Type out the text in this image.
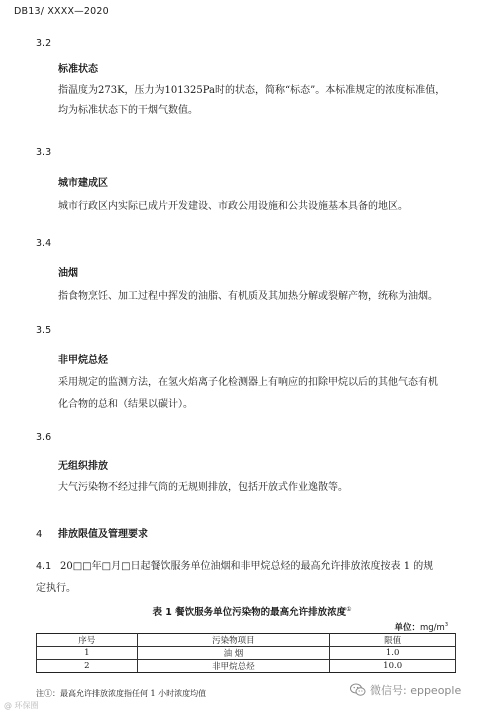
DB13/ XXXX—2020
3.2
标准状态
指温度为273K，压力为101325Pa时的状态，简称“标态”。本标准规定的浓度标准值，
均为标准状态下的干烟气数值。
3.3
城市建成区
城市行政区内实际已成片开发建设、市政公用设施和公共设施基本具备的地区。
3.4
油烟
指食物烹饪、加工过程中挥发的油脂、有机质及其加热分解或裂解产物，统称为油烟。
3.5
非甲烷总烃
采用规定的监测方法，在氢火焰离子化检测器上有响应的扣除甲烷以后的其他气态有机
化合物的总和（结果以碳计）。
3.6
无组织排放
大气污染物不经过排气筒的无规则排放，包括开放式作业逸散等。
4 排放限值及管理要求
4.1 20□□年□月□日起餐饮服务单位油烟和非甲烷总烃的最高允许排放浓度按表 1 的规
定执行。
表 1 餐饮服务单位污染物的最高允许排放浓度①
单位：$mg/m^3$
序号	污染物项目	限值
1	油 烟	1.0
2	非甲烷总烃	10.0
注①：最高允许排放浓度指任何 1 小时浓度均值
@ 环保圈
微信号: eppeople
